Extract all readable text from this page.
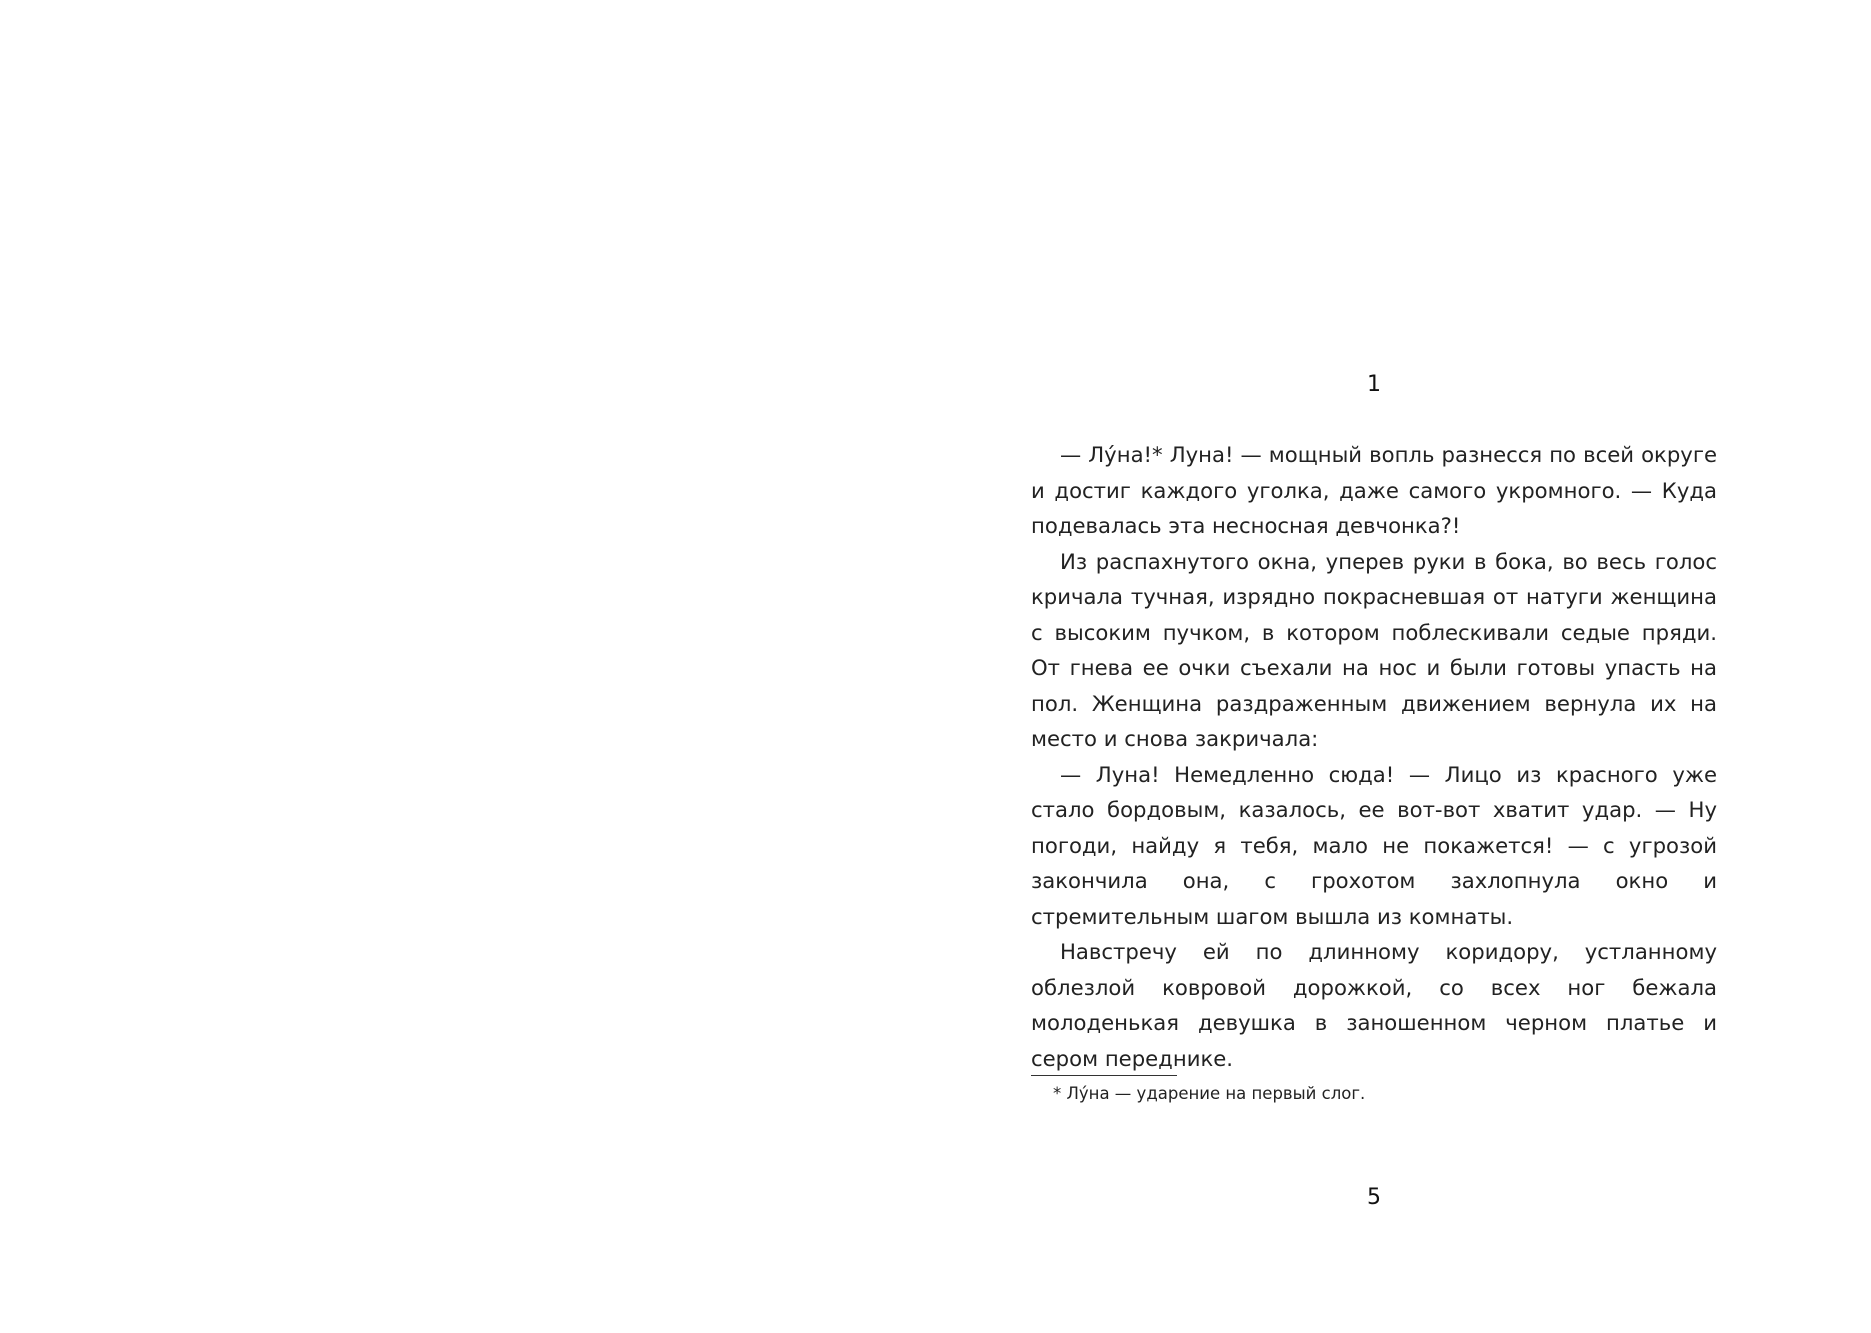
1

— Лу́на!* Луна! — мощный вопль разнесся по всей округе и достиг каждого уголка, даже самого укромного. — Куда подевалась эта несносная девчонка?!

Из распахнутого окна, уперев руки в бока, во весь голос кричала тучная, изрядно покрасневшая от натуги женщина с высоким пучком, в котором поблескивали седые пряди. От гнева ее очки съехали на нос и были готовы упасть на пол. Женщина раздраженным движением вернула их на место и снова закричала:

— Луна! Немедленно сюда! — Лицо из красного уже стало бордовым, казалось, ее вот-вот хватит удар. — Ну погоди, найду я тебя, мало не покажется! — с угрозой закончила она, с грохотом захлопнула окно и стремительным шагом вышла из комнаты.

Навстречу ей по длинному коридору, устланному облезлой ковровой дорожкой, со всех ног бежала молоденькая девушка в заношенном черном платье и сером переднике.

* Лу́на — ударение на первый слог.
5
